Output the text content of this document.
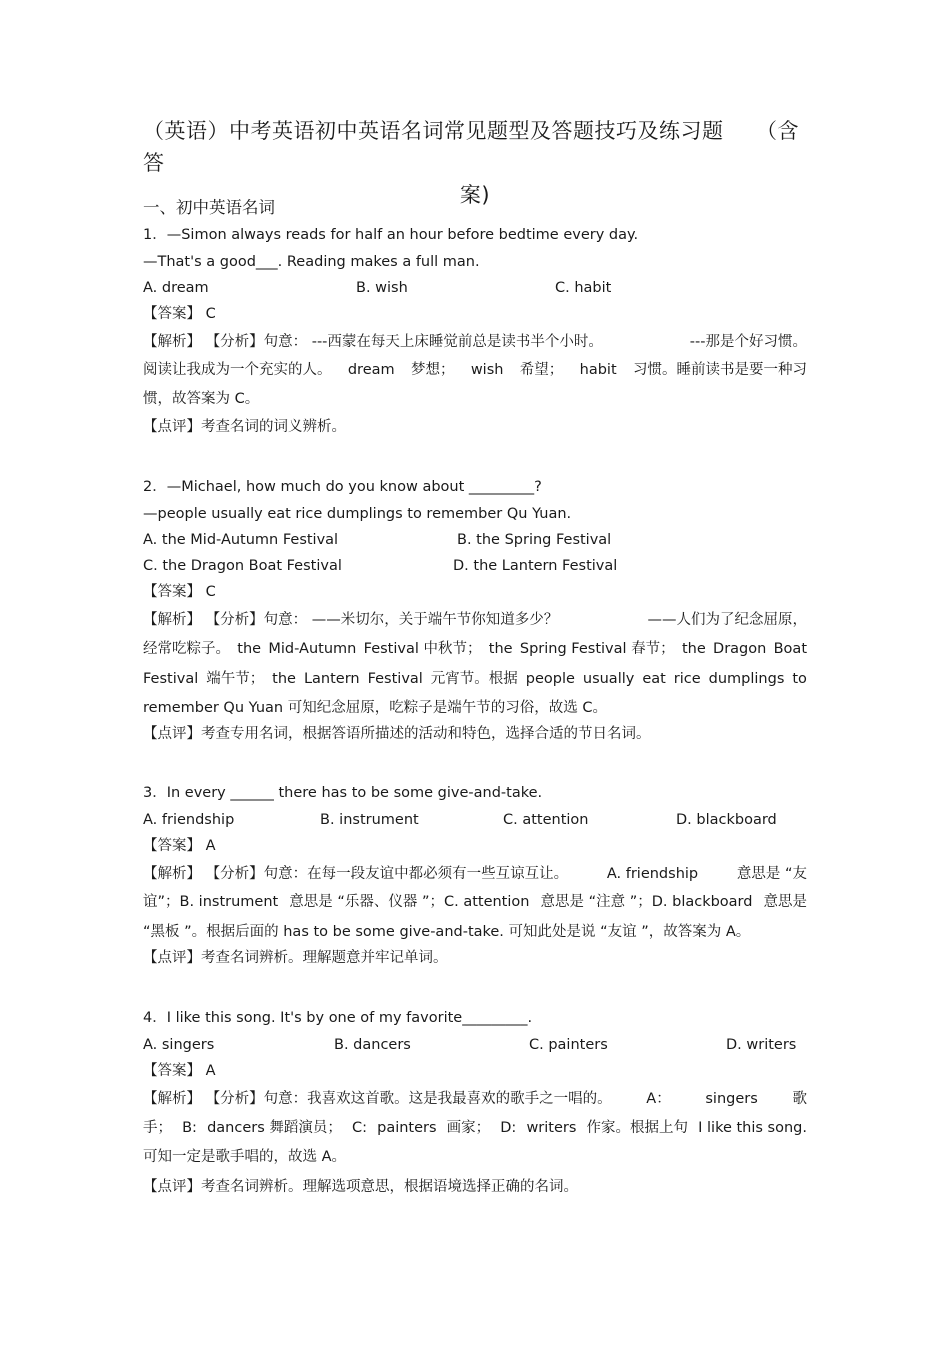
（英语）中考英语初中英语名词常见题型及答题技巧及练习题　　（含答
案)
一、初中英语名词
1．—Simon always reads for half an hour before bedtime every day.
—That's a good___. Reading makes a full man.
A. dream	B. wish	C. habit
【答案】 C
【解析】 【分析】句意： ---西蒙在每天上床睡觉前总是读书半个小时。	---那是个好习惯。
阅读让我成为一个充实的人。 dream 梦想； wish 希望； habit 习惯。睡前读书是要一种习
惯，故答案为 C。
【点评】考查名词的词义辨析。
2．—Michael, how much do you know about _________?
—people usually eat rice dumplings to remember Qu Yuan.
A. the Mid-Autumn Festival	B. the Spring Festival
C. the Dragon Boat Festival	D. the Lantern Festival
【答案】 C
【解析】 【分析】句意： ——米切尔，关于端午节你知道多少？	——人们为了纪念屈原，
经常吃粽子。 the Mid-Autumn Festival 中秋节； the Spring Festival 春节； the Dragon Boat
Festival 端午节； the Lantern Festival 元宵节。根据 people usually eat rice dumplings to
remember Qu Yuan 可知纪念屈原，吃粽子是端午节的习俗，故选 C。
【点评】考查专用名词，根据答语所描述的活动和特色，选择合适的节日名词。
3．In every ______ there has to be some give-and-take.
A. friendship	B. instrument	C. attention	D. blackboard
【答案】 A
【解析】 【分析】句意：在每一段友谊中都必须有一些互谅互让。	A. friendship	意思是 “友
谊”；B. instrument 意思是 “乐器、仪器 ”；C. attention 意思是 “注意 ”；D. blackboard 意思是
“黑板 ”。根据后面的 has to be some give-and-take. 可知此处是说 “友谊 ”，故答案为 A。
【点评】考查名词辨析。理解题意并牢记单词。
4．I like this song. It's by one of my favorite_________.
A. singers	B. dancers	C. painters	D. writers
【答案】 A
【解析】 【分析】句意：我喜欢这首歌。这是我最喜欢的歌手之一唱的。 A： singers 歌
手； B: dancers 舞蹈演员； C: painters 画家； D: writers 作家。根据上句 I like this song.
可知一定是歌手唱的，故选 A。
【点评】考查名词辨析。理解选项意思，根据语境选择正确的名词。
